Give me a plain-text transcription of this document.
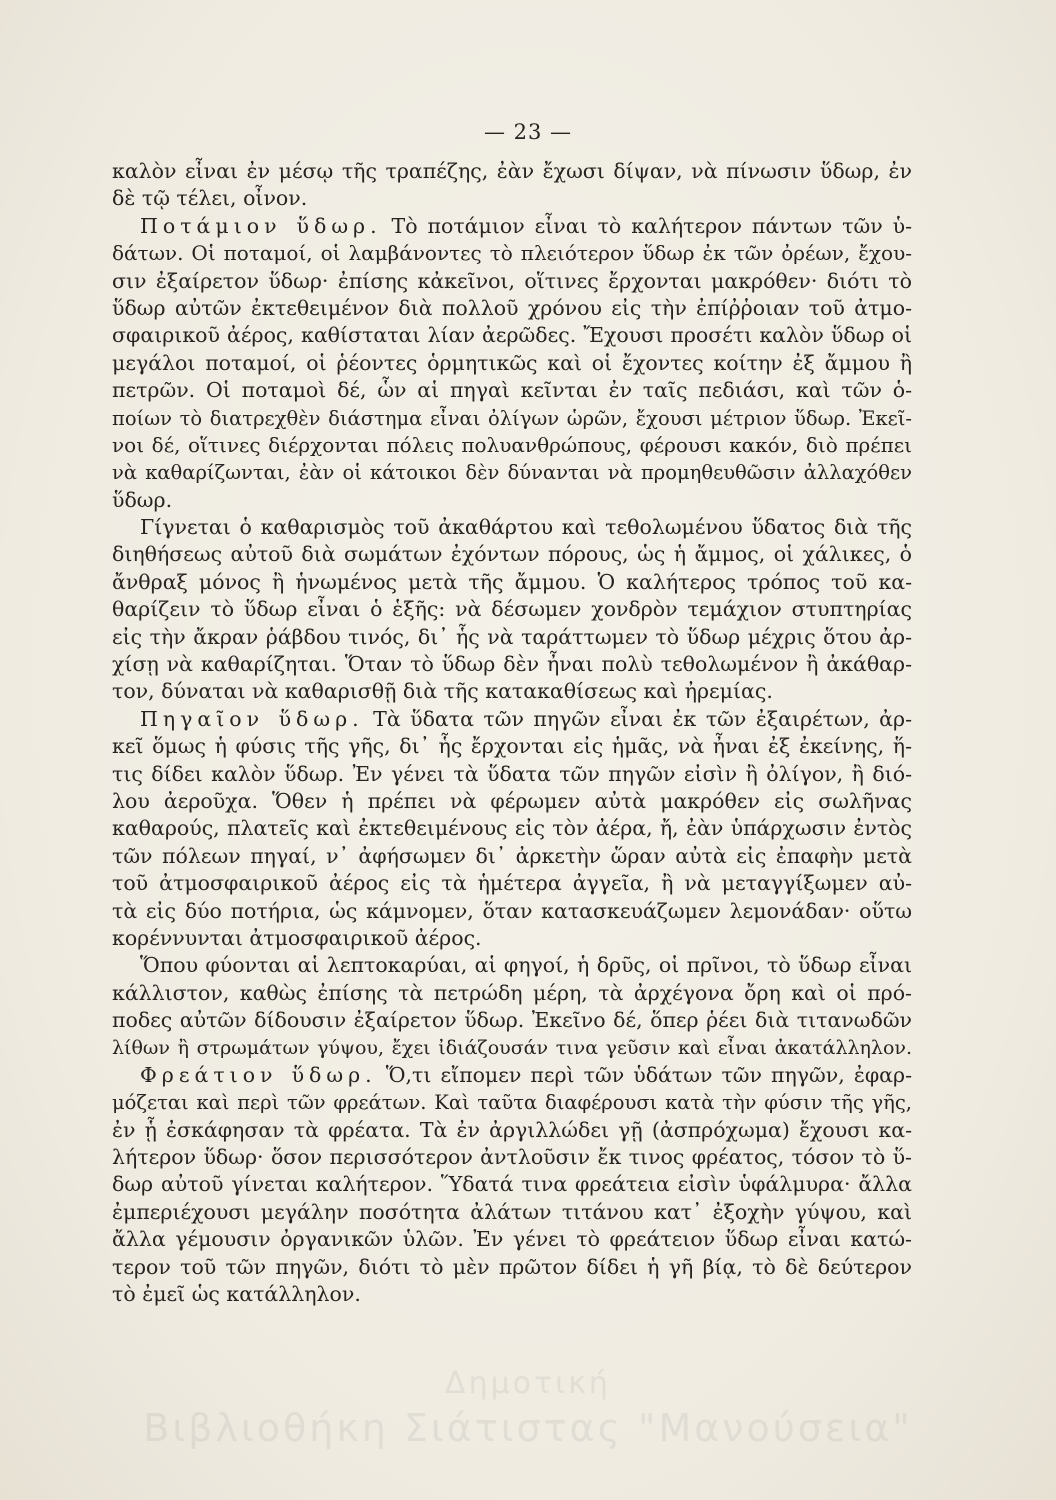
Δημοτική
Βιβλιοθήκη Σιάτιστας "Μανούσεια"
— 23 —
καλὸν εἶναι ἐν μέσῳ τῆς τραπέζης, ἐὰν ἔχωσι δίψαν, νὰ πίνωσιν ὕδωρ, ἐν
δὲ τῷ τέλει, οἶνον.
Ποτάμιον ὕδωρ. Τὸ ποτάμιον εἶναι τὸ καλήτερον πάντων τῶν ὑ-
δάτων. Οἱ ποταμοί, οἱ λαμβάνοντες τὸ πλειότερον ὕδωρ ἐκ τῶν ὀρέων, ἔχου-
σιν ἐξαίρετον ὕδωρ· ἐπίσης κἀκεῖνοι, οἵτινες ἔρχονται μακρόθεν· διότι τὸ
ὕδωρ αὐτῶν ἐκτεθειμένον διὰ πολλοῦ χρόνου εἰς τὴν ἐπίῤῥοιαν τοῦ ἀτμο-
σφαιρικοῦ ἀέρος, καθίσταται λίαν ἀερῶδες. Ἔχουσι προσέτι καλὸν ὕδωρ οἱ
μεγάλοι ποταμοί, οἱ ῥέοντες ὁρμητικῶς καὶ οἱ ἔχοντες κοίτην ἐξ ἄμμου ἢ
πετρῶν. Οἱ ποταμοὶ δέ, ὧν αἱ πηγαὶ κεῖνται ἐν ταῖς πεδιάσι, καὶ τῶν ὁ-
ποίων τὸ διατρεχθὲν διάστημα εἶναι ὀλίγων ὡρῶν, ἔχουσι μέτριον ὕδωρ. Ἐκεῖ-
νοι δέ, οἵτινες διέρχονται πόλεις πολυανθρώπους, φέρουσι κακόν, διὸ πρέπει
νὰ καθαρίζωνται, ἐὰν οἱ κάτοικοι δὲν δύνανται νὰ προμηθευθῶσιν ἀλλαχόθεν
ὕδωρ.
Γίγνεται ὁ καθαρισμὸς τοῦ ἀκαθάρτου καὶ τεθολωμένου ὕδατος διὰ τῆς
διηθήσεως αὐτοῦ διὰ σωμάτων ἐχόντων πόρους, ὡς ἡ ἄμμος, οἱ χάλικες, ὁ
ἄνθραξ μόνος ἢ ἡνωμένος μετὰ τῆς ἄμμου. Ὁ καλήτερος τρόπος τοῦ κα-
θαρίζειν τὸ ὕδωρ εἶναι ὁ ἑξῆς: νὰ δέσωμεν χονδρὸν τεμάχιον στυπτηρίας
εἰς τὴν ἄκραν ῥάβδου τινός, δι᾽ ἧς νὰ ταράττωμεν τὸ ὕδωρ μέχρις ὅτου ἀρ-
χίσῃ νὰ καθαρίζηται. Ὅταν τὸ ὕδωρ δὲν ἦναι πολὺ τεθολωμένον ἢ ἀκάθαρ-
τον, δύναται νὰ καθαρισθῇ διὰ τῆς κατακαθίσεως καὶ ἠρεμίας.
Πηγαῖον ὕδωρ. Τὰ ὕδατα τῶν πηγῶν εἶναι ἐκ τῶν ἐξαιρέτων, ἀρ-
κεῖ ὅμως ἡ φύσις τῆς γῆς, δι᾽ ἧς ἔρχονται εἰς ἡμᾶς, νὰ ἦναι ἐξ ἐκείνης, ἥ-
τις δίδει καλὸν ὕδωρ. Ἐν γένει τὰ ὕδατα τῶν πηγῶν εἰσὶν ἢ ὀλίγον, ἢ διό-
λου ἀεροῦχα. Ὅθεν ἡ πρέπει νὰ φέρωμεν αὐτὰ μακρόθεν εἰς σωλῆνας
καθαρούς, πλατεῖς καὶ ἐκτεθειμένους εἰς τὸν ἀέρα, ἤ, ἐὰν ὑπάρχωσιν ἐντὸς
τῶν πόλεων πηγαί, ν᾽ ἀφήσωμεν δι᾽ ἀρκετὴν ὥραν αὐτὰ εἰς ἐπαφὴν μετὰ
τοῦ ἀτμοσφαιρικοῦ ἀέρος εἰς τὰ ἡμέτερα ἀγγεῖα, ἢ νὰ μεταγγίξωμεν αὐ-
τὰ εἰς δύο ποτήρια, ὡς κάμνομεν, ὅταν κατασκευάζωμεν λεμονάδαν· οὕτω
κορέννυνται ἀτμοσφαιρικοῦ ἀέρος.
Ὅπου φύονται αἱ λεπτοκαρύαι, αἱ φηγοί, ἡ δρῦς, οἱ πρῖνοι, τὸ ὕδωρ εἶναι
κάλλιστον, καθὼς ἐπίσης τὰ πετρώδη μέρη, τὰ ἀρχέγονα ὄρη καὶ οἱ πρό-
ποδες αὐτῶν δίδουσιν ἐξαίρετον ὕδωρ. Ἐκεῖνο δέ, ὅπερ ῥέει διὰ τιτανωδῶν
λίθων ἢ στρωμάτων γύψου, ἔχει ἰδιάζουσάν τινα γεῦσιν καὶ εἶναι ἀκατάλληλον.
Φρεάτιον ὕδωρ. Ὅ,τι εἴπομεν περὶ τῶν ὑδάτων τῶν πηγῶν, ἐφαρ-
μόζεται καὶ περὶ τῶν φρεάτων. Καὶ ταῦτα διαφέρουσι κατὰ τὴν φύσιν τῆς γῆς,
ἐν ᾗ ἐσκάφησαν τὰ φρέατα. Τὰ ἐν ἀργιλλώδει γῇ (ἀσπρόχωμα) ἔχουσι κα-
λήτερον ὕδωρ· ὅσον περισσότερον ἀντλοῦσιν ἔκ τινος φρέατος, τόσον τὸ ὕ-
δωρ αὐτοῦ γίνεται καλήτερον. Ὕδατά τινα φρεάτεια εἰσὶν ὑφάλμυρα· ἄλλα
ἐμπεριέχουσι μεγάλην ποσότητα ἀλάτων τιτάνου κατ᾽ ἐξοχὴν γύψου, καὶ
ἄλλα γέμουσιν ὀργανικῶν ὑλῶν. Ἐν γένει τὸ φρεάτειον ὕδωρ εἶναι κατώ-
τερον τοῦ τῶν πηγῶν, διότι τὸ μὲν πρῶτον δίδει ἡ γῆ βίᾳ, τὸ δὲ δεύτερον
τὸ ἐμεῖ ὡς κατάλληλον.
